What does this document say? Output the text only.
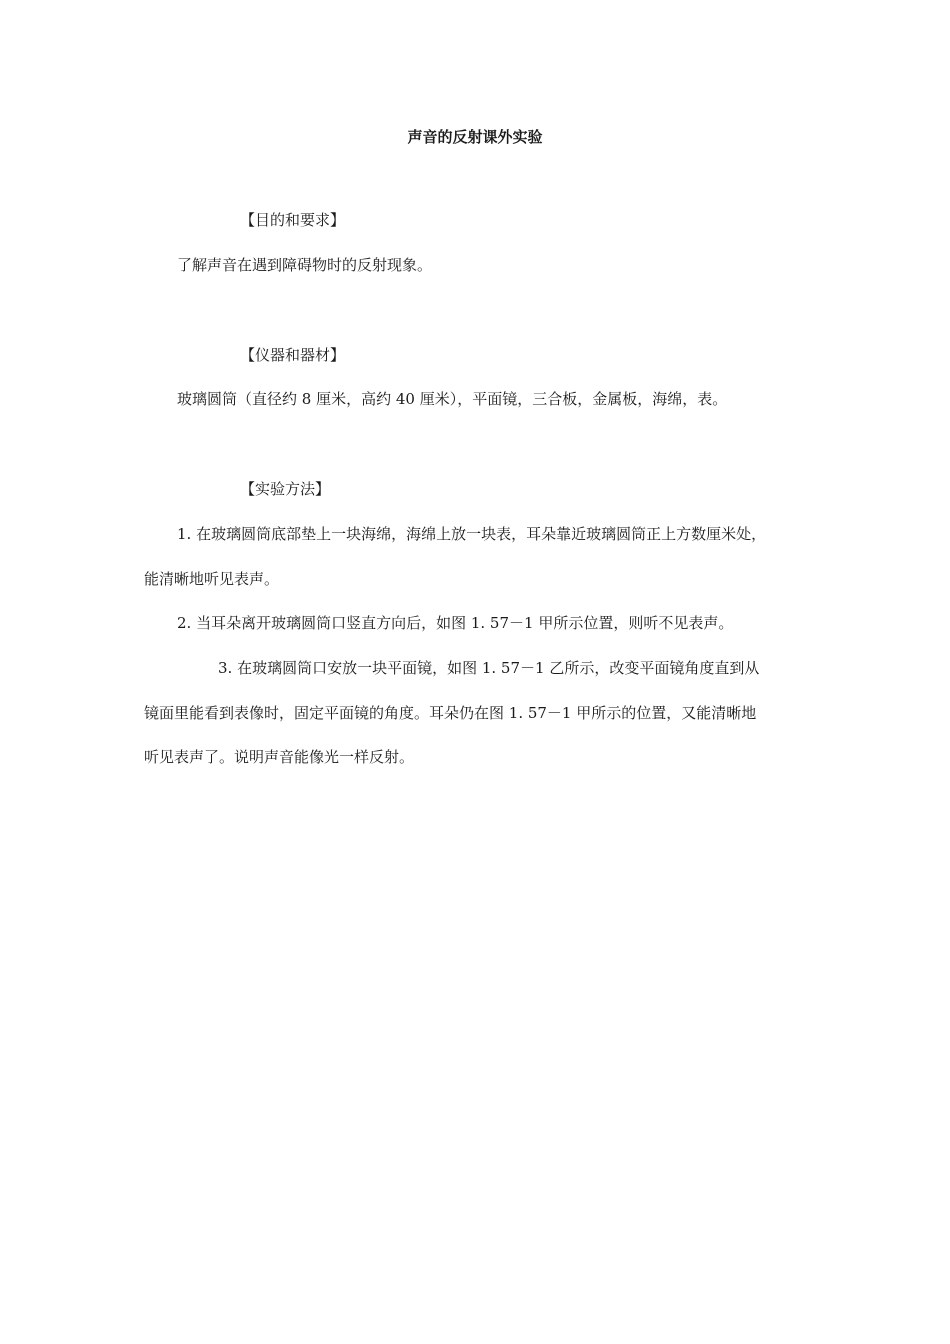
声音的反射课外实验
【目的和要求】
了解声音在遇到障碍物时的反射现象。
【仪器和器材】
玻璃圆筒（直径约 8 厘米，高约 40 厘米），平面镜，三合板，金属板，海绵，表。
【实验方法】
1. 在玻璃圆筒底部垫上一块海绵，海绵上放一块表，耳朵靠近玻璃圆筒正上方数厘米处，
能清晰地听见表声。
2. 当耳朵离开玻璃圆筒口竖直方向后，如图 1. 57－1 甲所示位置，则听不见表声。
3. 在玻璃圆筒口安放一块平面镜，如图 1. 57－1 乙所示，改变平面镜角度直到从
镜面里能看到表像时，固定平面镜的角度。耳朵仍在图 1. 57－1 甲所示的位置，又能清晰地
听见表声了。说明声音能像光一样反射。
